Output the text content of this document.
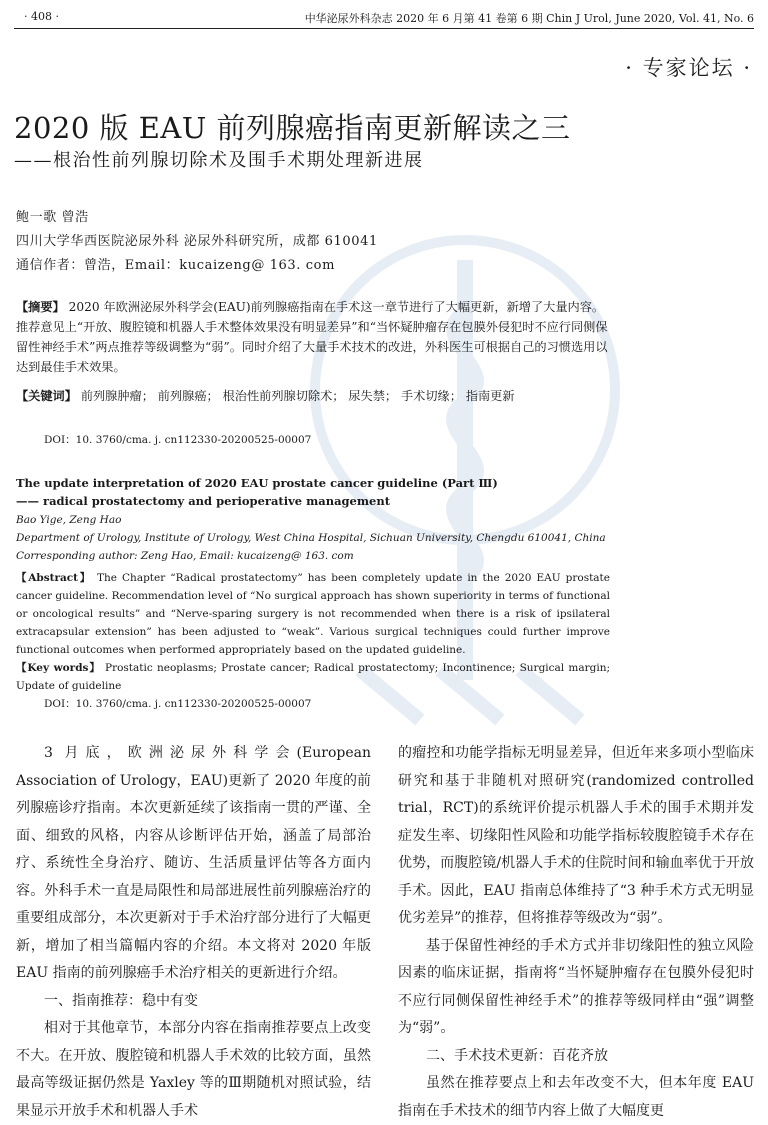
· 408 ·	中华泌尿外科杂志 2020 年 6 月第 41 卷第 6 期 Chin J Urol, June 2020, Vol. 41, No. 6
· 专家论坛 ·
2020 版 EAU 前列腺癌指南更新解读之三
——根治性前列腺切除术及围手术期处理新进展
鲍一歌 曾浩
四川大学华西医院泌尿外科 泌尿外科研究所，成都 610041
通信作者：曾浩，Email：kucaizeng@ 163. com
【摘要】 2020 年欧洲泌尿外科学会(EAU)前列腺癌指南在手术这一章节进行了大幅更新，新增了大量内容。推荐意见上“开放、腹腔镜和机器人手术整体效果没有明显差异”和“当怀疑肿瘤存在包膜外侵犯时不应行同侧保留性神经手术”两点推荐等级调整为“弱”。同时介绍了大量手术技术的改进，外科医生可根据自己的习惯选用以达到最佳手术效果。
【关键词】 前列腺肿瘤； 前列腺癌； 根治性前列腺切除术； 尿失禁； 手术切缘； 指南更新
DOI：10. 3760/cma. j. cn112330-20200525-00007
The update interpretation of 2020 EAU prostate cancer guideline (Part Ⅲ)
—— radical prostatectomy and perioperative management
Bao Yige, Zeng Hao
Department of Urology, Institute of Urology, West China Hospital, Sichuan University, Chengdu 610041, China
Corresponding author: Zeng Hao, Email: kucaizeng@ 163. com
【Abstract】 The Chapter “Radical prostatectomy” has been completely update in the 2020 EAU prostate cancer guideline. Recommendation level of “No surgical approach has shown superiority in terms of functional or oncological results” and “Nerve-sparing surgery is not recommended when there is a risk of ipsilateral extracapsular extension” has been adjusted to “weak”. Various surgical techniques could further improve functional outcomes when performed appropriately based on the updated guideline.
【Key words】 Prostatic neoplasms; Prostate cancer; Radical prostatectomy; Incontinence; Surgical margin; Update of guideline
DOI：10. 3760/cma. j. cn112330-20200525-00007

3 月底，欧洲泌尿外科学会(European Association of Urology，EAU)更新了 2020 年度的前列腺癌诊疗指南。本次更新延续了该指南一贯的严谨、全面、细致的风格，内容从诊断评估开始，涵盖了局部治疗、系统性全身治疗、随访、生活质量评估等各方面内容。外科手术一直是局限性和局部进展性前列腺癌治疗的重要组成部分，本次更新对于手术治疗部分进行了大幅更新，增加了相当篇幅内容的介绍。本文将对 2020 年版 EAU 指南的前列腺癌手术治疗相关的更新进行介绍。

一、指南推荐：稳中有变

相对于其他章节，本部分内容在指南推荐要点上改变不大。在开放、腹腔镜和机器人手术效的比较方面，虽然最高等级证据仍然是 Yaxley 等的Ⅲ期随机对照试验，结果显示开放手术和机器人手术

的瘤控和功能学指标无明显差异，但近年来多项小型临床研究和基于非随机对照研究(randomized controlled trial，RCT)的系统评价提示机器人手术的围手术期并发症发生率、切缘阳性风险和功能学指标较腹腔镜手术存在优势，而腹腔镜/机器人手术的住院时间和输血率优于开放手术。因此，EAU 指南总体维持了“3 种手术方式无明显优劣差异”的推荐，但将推荐等级改为“弱”。

基于保留性神经的手术方式并非切缘阳性的独立风险因素的临床证据，指南将“当怀疑肿瘤存在包膜外侵犯时不应行同侧保留性神经手术”的推荐等级同样由“强”调整为“弱”。

二、手术技术更新：百花齐放

虽然在推荐要点上和去年改变不大，但本年度 EAU 指南在手术技术的细节内容上做了大幅度更
